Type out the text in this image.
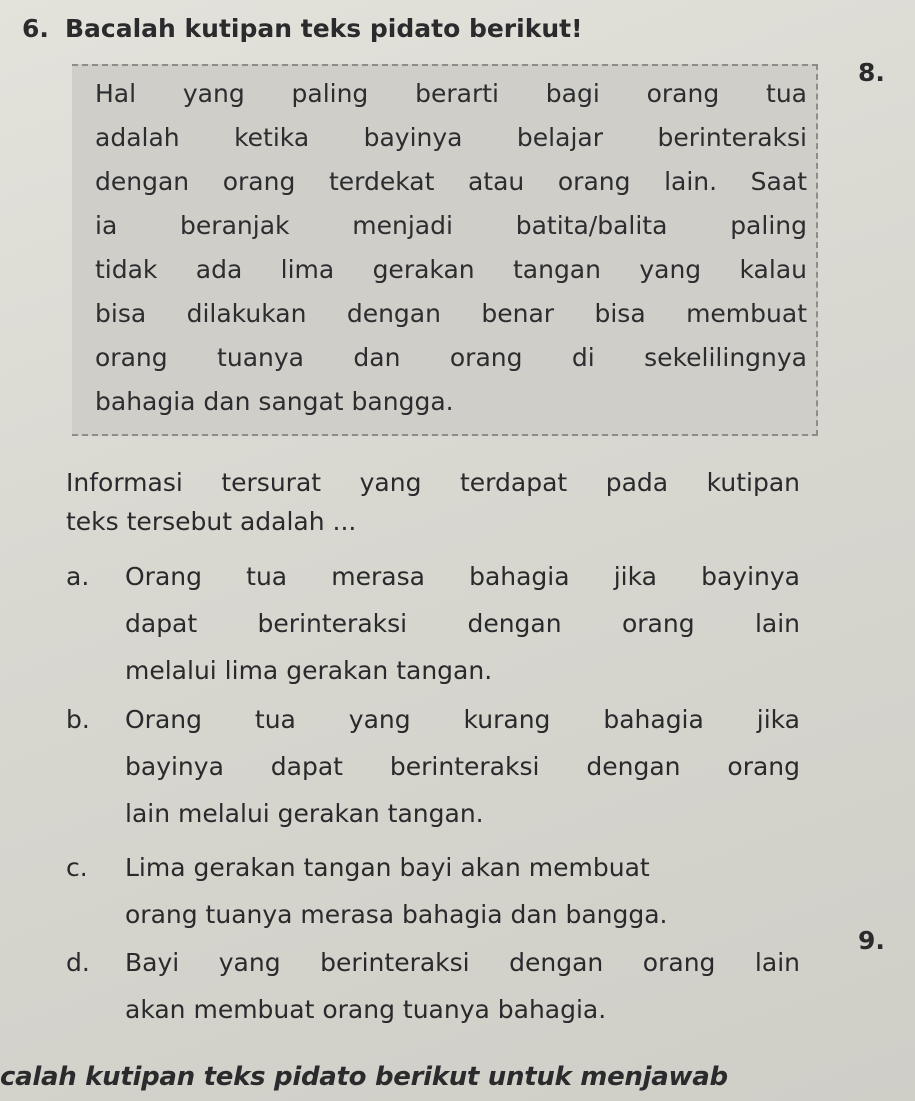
6. Bacalah kutipan teks pidato berikut!
8.
9.
Hal yang paling berarti bagi orang tua
adalah ketika bayinya belajar berinteraksi
dengan orang terdekat atau orang lain. Saat
ia beranjak menjadi batita/balita paling
tidak ada lima gerakan tangan yang kalau
bisa dilakukan dengan benar bisa membuat
orang tuanya dan orang di sekelilingnya
bahagia dan sangat bangga.
Informasi tersurat yang terdapat pada kutipan
teks tersebut adalah ...
a. Orang tua merasa bahagia jika bayinya
dapat berinteraksi dengan orang lain
melalui lima gerakan tangan.
b. Orang tua yang kurang bahagia jika
bayinya dapat berinteraksi dengan orang
lain melalui gerakan tangan.
c. Lima gerakan tangan bayi akan membuat
orang tuanya merasa bahagia dan bangga.
d. Bayi yang berinteraksi dengan orang lain
akan membuat orang tuanya bahagia.
calah kutipan teks pidato berikut untuk menjawab
